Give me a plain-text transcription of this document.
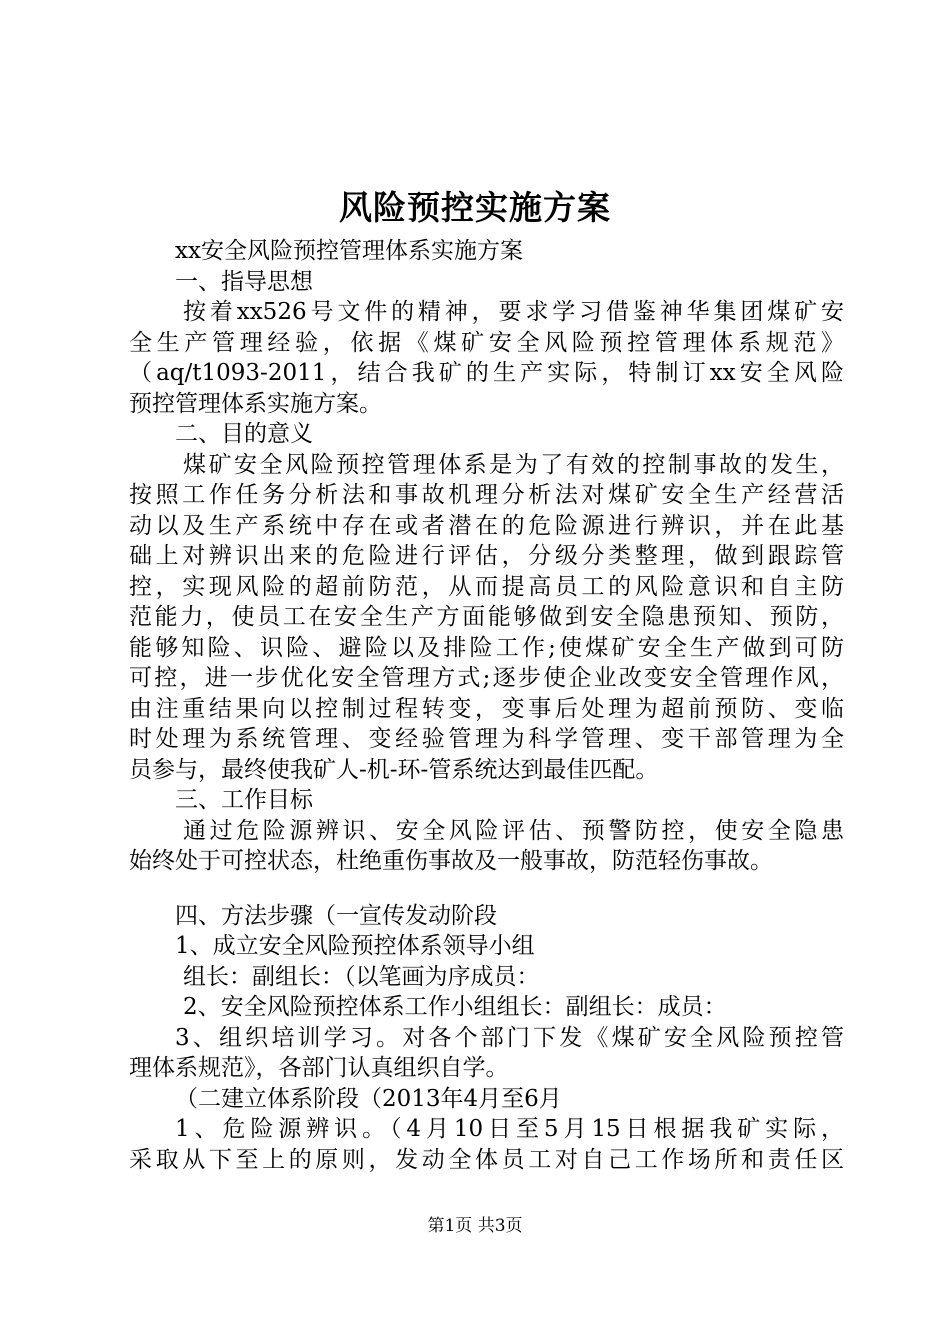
风险预控实施方案
xx安全风险预控管理体系实施方案
一、指导思想
按着xx526号文件的精神，要求学习借鉴神华集团煤矿安
全生产管理经验，依据《煤矿安全风险预控管理体系规范》
（aq/t1093-2011，结合我矿的生产实际，特制订xx安全风险
预控管理体系实施方案。
二、目的意义
煤矿安全风险预控管理体系是为了有效的控制事故的发生，
按照工作任务分析法和事故机理分析法对煤矿安全生产经营活
动以及生产系统中存在或者潜在的危险源进行辨识，并在此基
础上对辨识出来的危险进行评估，分级分类整理，做到跟踪管
控，实现风险的超前防范，从而提高员工的风险意识和自主防
范能力，使员工在安全生产方面能够做到安全隐患预知、预防，
能够知险、识险、避险以及排险工作;使煤矿安全生产做到可防
可控，进一步优化安全管理方式;逐步使企业改变安全管理作风，
由注重结果向以控制过程转变，变事后处理为超前预防、变临
时处理为系统管理、变经验管理为科学管理、变干部管理为全
员参与，最终使我矿人-机-环-管系统达到最佳匹配。
三、工作目标
通过危险源辨识、安全风险评估、预警防控，使安全隐患
始终处于可控状态，杜绝重伤事故及一般事故，防范轻伤事故。
四、方法步骤（一宣传发动阶段
1、成立安全风险预控体系领导小组
组长：副组长：（以笔画为序成员：
2、安全风险预控体系工作小组组长：副组长：成员：
3、组织培训学习。对各个部门下发《煤矿安全风险预控管
理体系规范》，各部门认真组织自学。
（二建立体系阶段（2013年4月至6月
1、危险源辨识。（4月10日至5月15日根据我矿实际，
采取从下至上的原则，发动全体员工对自己工作场所和责任区
第1页 共3页
